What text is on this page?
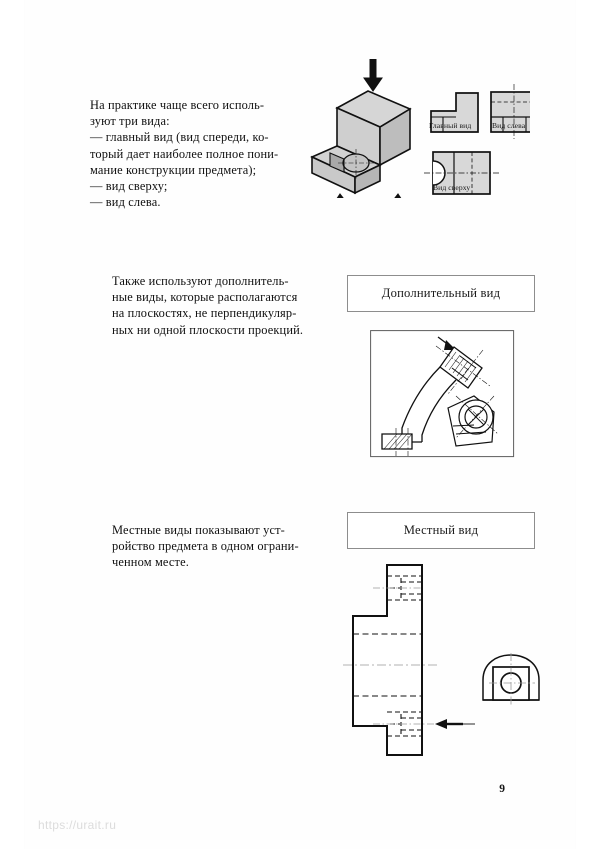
На практике чаще всего исполь-
зуют три вида:
— главный вид (вид спереди, ко-
торый дает наиболее полное пони-
мание конструкции предмета);
— вид сверху;
— вид слева.
Главный вид	Вид слева
Вид сверху
Также используют дополнитель-
ные виды, которые располагаются
на плоскостях, не перпендикуляр-
ных ни одной плоскости проекций.
Дополнительный вид
Местные виды показывают уст-
ройство предмета в одном ограни-
ченном месте.
Местный вид
9
https://urait.ru
